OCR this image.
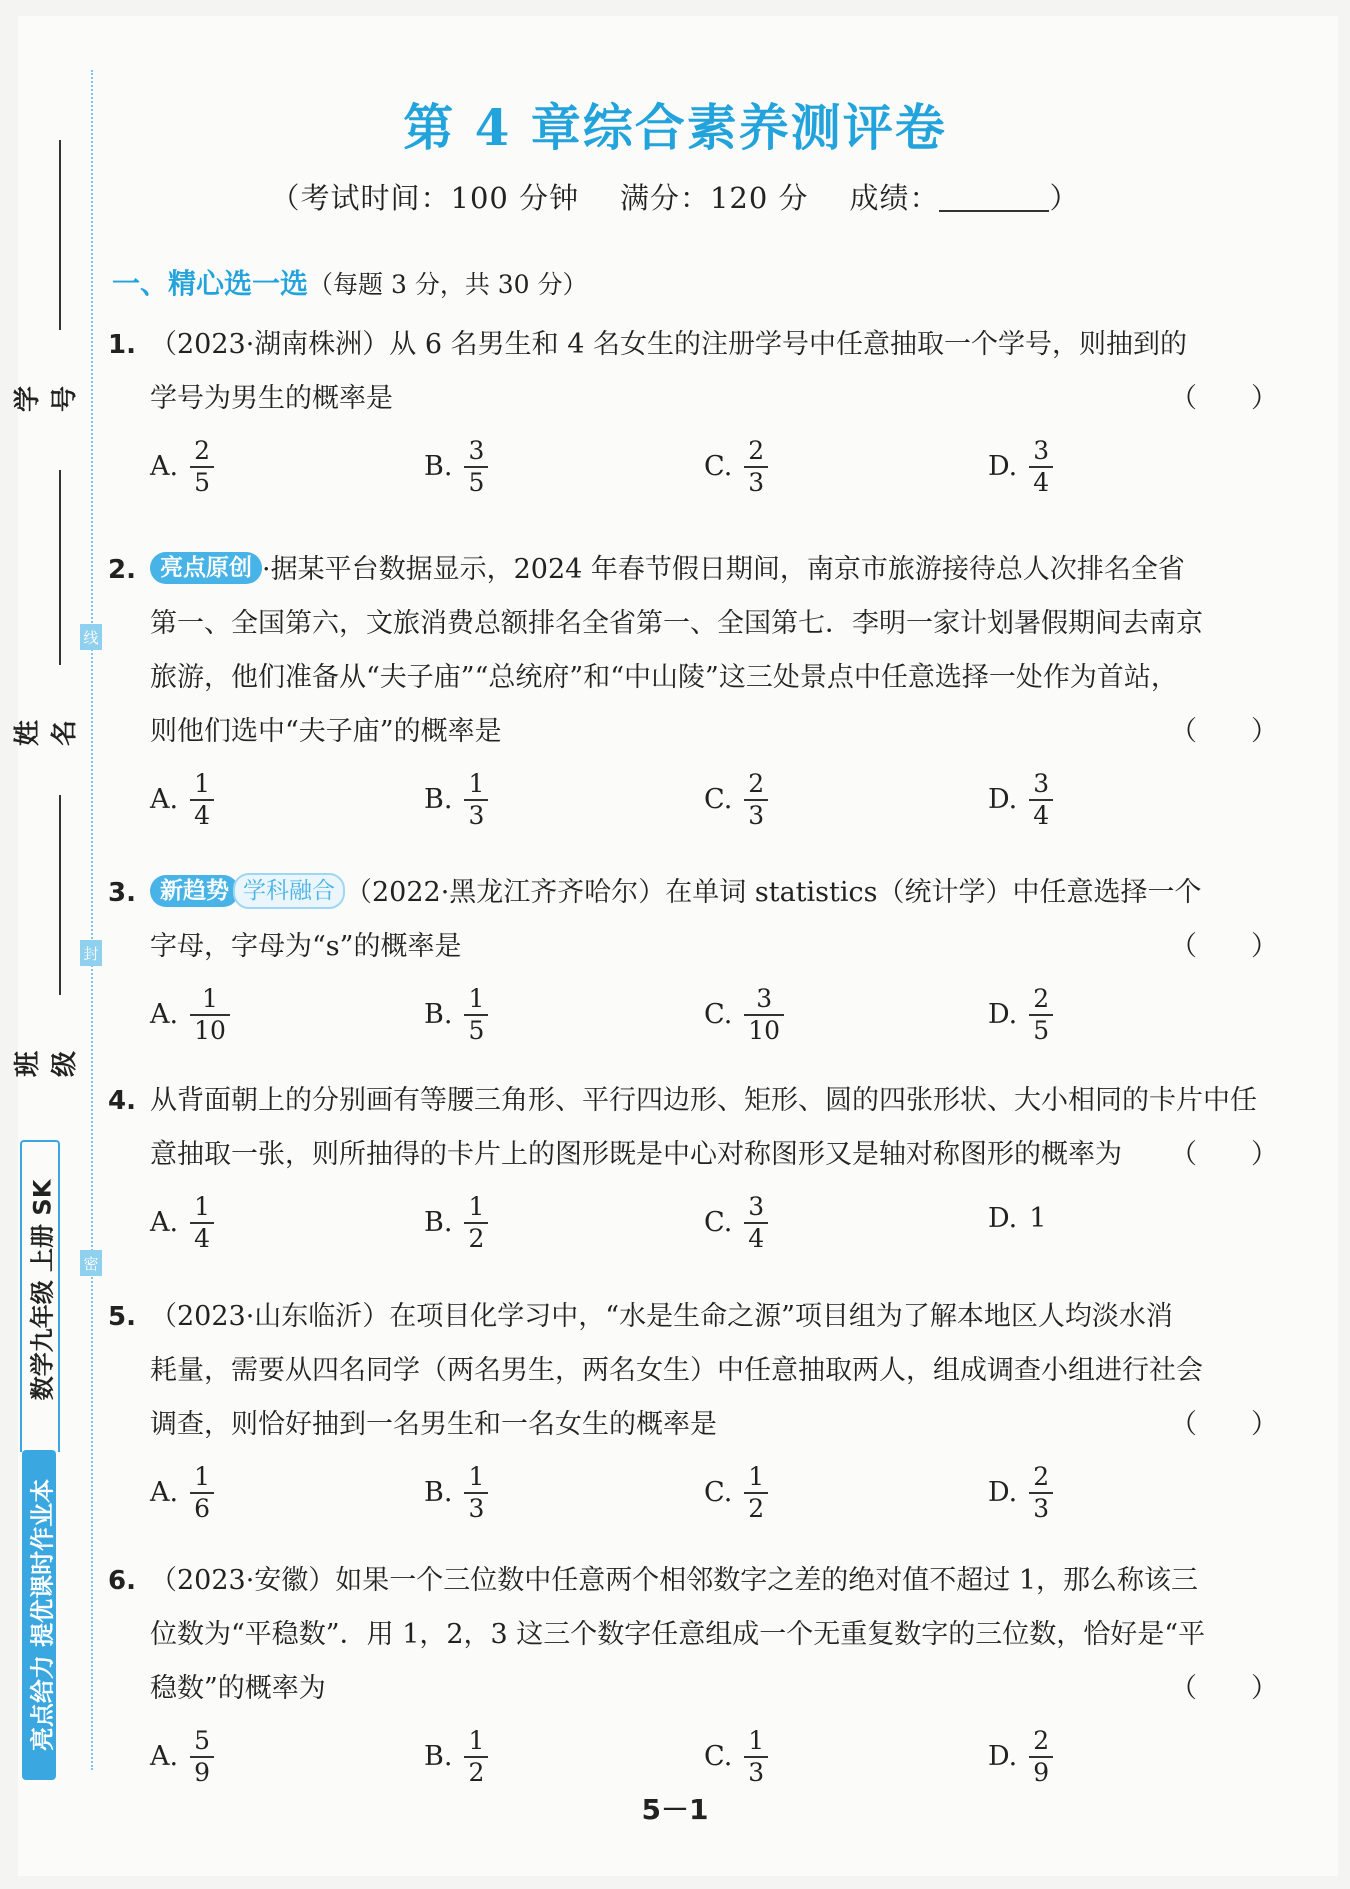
线
封
密
学号
姓名
班级
数学九年级 上册 SK
亮点给力 提优课时作业本
第 4 章综合素养测评卷
（考试时间：100 分钟 满分：120 分 成绩：	）
一、精心选一选（每题 3 分，共 30 分）
1. （2023·湖南株洲）从 6 名男生和 4 名女生的注册学号中任意抽取一个学号，则抽到的
学号为男生的概率是	（　　）
A. $\frac{2}{5}$	B. $\frac{3}{5}$	C. $\frac{2}{3}$	D. $\frac{3}{4}$
2.	亮点原创 ·据某平台数据显示，2024 年春节假日期间，南京市旅游接待总人次排名全省
第一、全国第六，文旅消费总额排名全省第一、全国第七．李明一家计划暑假期间去南京
旅游，他们准备从“夫子庙”“总统府”和“中山陵”这三处景点中任意选择一处作为首站，
则他们选中“夫子庙”的概率是	（　　）
A. $\frac{1}{4}$	B. $\frac{1}{3}$	C. $\frac{2}{3}$	D. $\frac{3}{4}$
3.	新趋势 学科融合 （2022·黑龙江齐齐哈尔）在单词 statistics（统计学）中任意选择一个
字母，字母为“s”的概率是	（　　）
A. $\frac{1}{10}$	B. $\frac{1}{5}$	C. $\frac{3}{10}$	D. $\frac{2}{5}$
4. 从背面朝上的分别画有等腰三角形、平行四边形、矩形、圆的四张形状、大小相同的卡片中任
意抽取一张，则所抽得的卡片上的图形既是中心对称图形又是轴对称图形的概率为 （　　）
A. $\frac{1}{4}$	B. $\frac{1}{2}$	C. $\frac{3}{4}$	D. 1
5. （2023·山东临沂）在项目化学习中，“水是生命之源”项目组为了解本地区人均淡水消
耗量，需要从四名同学（两名男生，两名女生）中任意抽取两人，组成调查小组进行社会
调查，则恰好抽到一名男生和一名女生的概率是	（　　）
A. $\frac{1}{6}$	B. $\frac{1}{3}$	C. $\frac{1}{2}$	D. $\frac{2}{3}$
6. （2023·安徽）如果一个三位数中任意两个相邻数字之差的绝对值不超过 1，那么称该三
位数为“平稳数”．用 1，2，3 这三个数字任意组成一个无重复数字的三位数，恰好是“平
稳数”的概率为	（　　）
A. $\frac{5}{9}$	B. $\frac{1}{2}$	C. $\frac{1}{3}$	D. $\frac{2}{9}$
5－1
